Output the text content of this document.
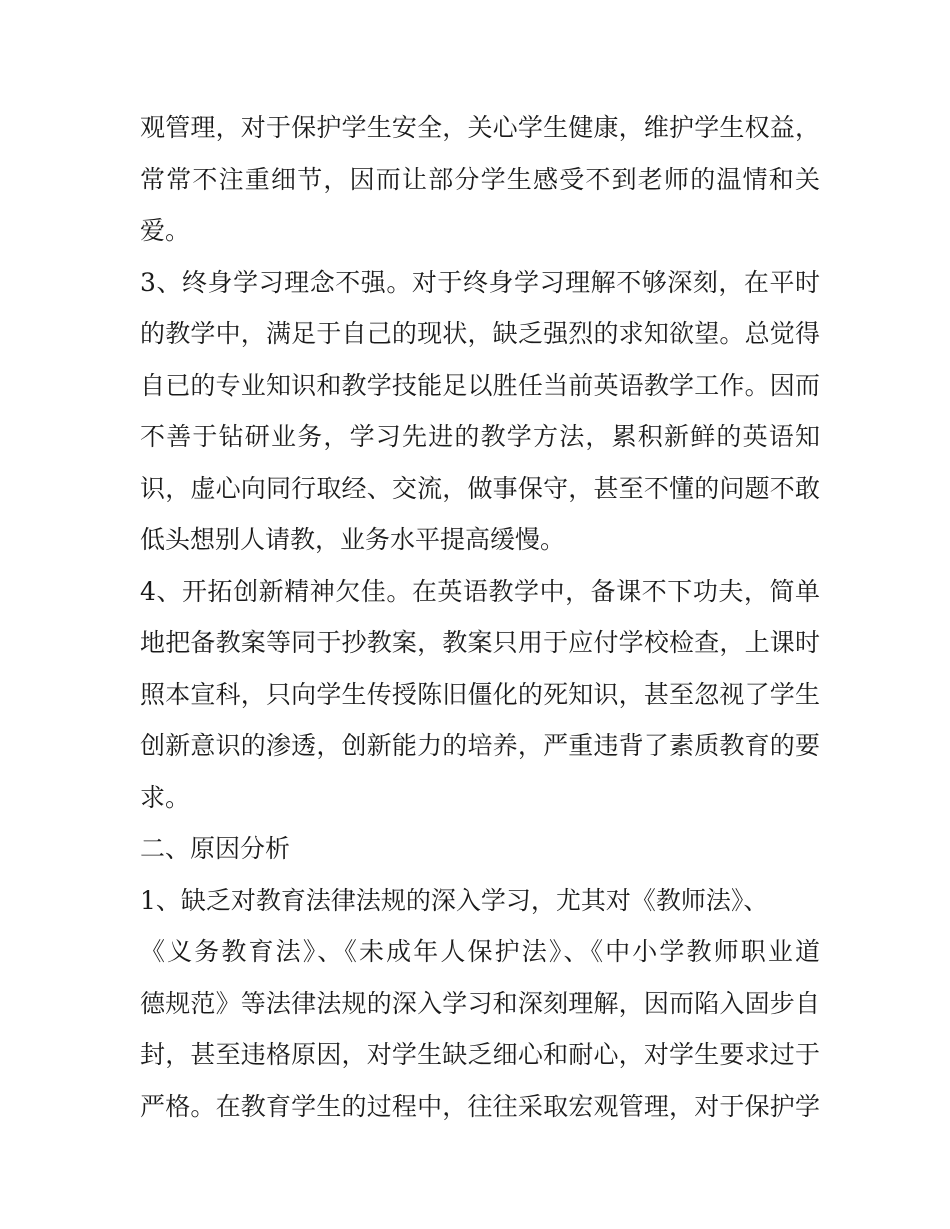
观管理，对于保护学生安全，关心学生健康，维护学生权益，
常常不注重细节，因而让部分学生感受不到老师的温情和关
爱。
3、终身学习理念不强。对于终身学习理解不够深刻，在平时
的教学中，满足于自己的现状，缺乏强烈的求知欲望。总觉得
自已的专业知识和教学技能足以胜任当前英语教学工作。因而
不善于钻研业务，学习先进的教学方法，累积新鲜的英语知
识，虚心向同行取经、交流，做事保守，甚至不懂的问题不敢
低头想别人请教，业务水平提高缓慢。
4、开拓创新精神欠佳。在英语教学中，备课不下功夫，简单
地把备教案等同于抄教案，教案只用于应付学校检查，上课时
照本宣科，只向学生传授陈旧僵化的死知识，甚至忽视了学生
创新意识的渗透，创新能力的培养，严重违背了素质教育的要
求。
二、原因分析
1、缺乏对教育法律法规的深入学习，尤其对《教师法》、
《义务教育法》、《未成年人保护法》、《中小学教师职业道
德规范》等法律法规的深入学习和深刻理解，因而陷入固步自
封，甚至违格原因，对学生缺乏细心和耐心，对学生要求过于
严格。在教育学生的过程中，往往采取宏观管理，对于保护学
